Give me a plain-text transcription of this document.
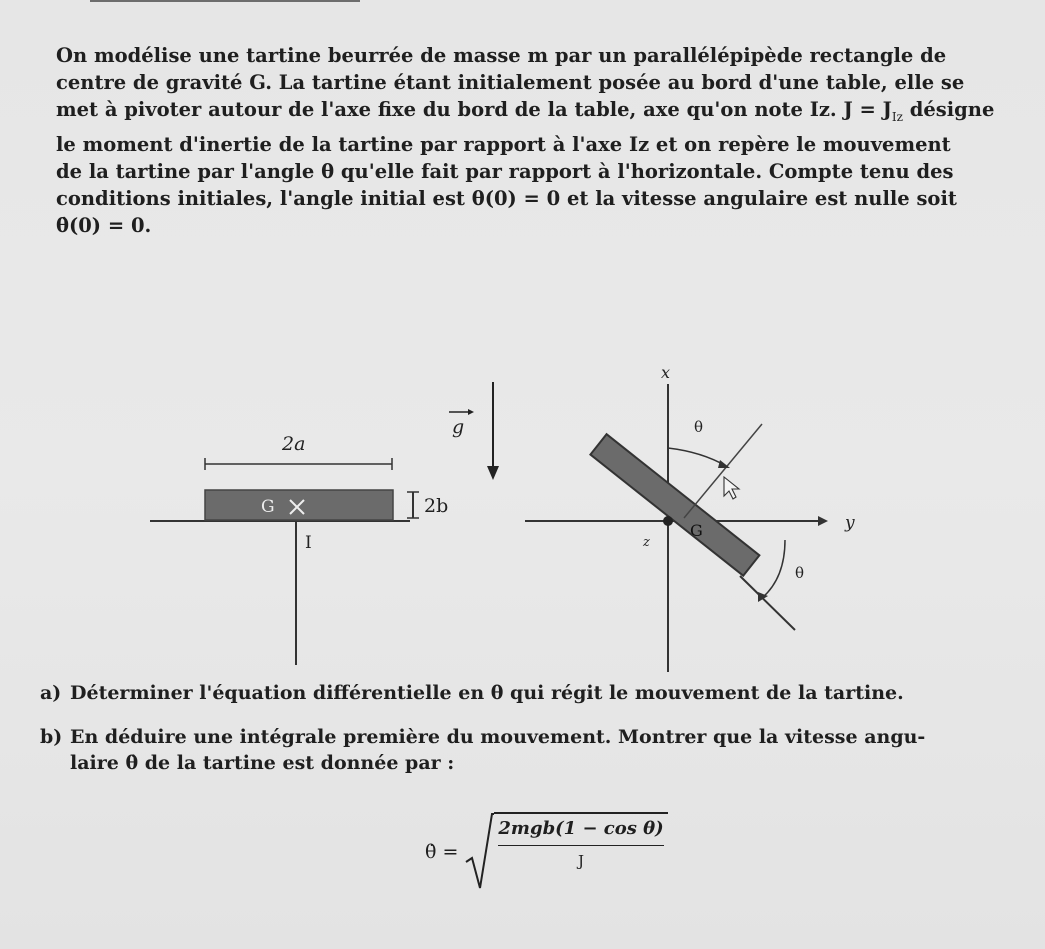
On modélise une tartine beurrée de masse m par un parallélépipède rectangle de
centre de gravité G. La tartine étant initialement posée au bord d'une table, elle se
met à pivoter autour de l'axe fixe du bord de la table, axe qu'on note Iz. $J = J_{Iz}$ désigne
le moment d'inertie de la tartine par rapport à l'axe Iz et on repère le mouvement
de la tartine par l'angle θ qu'elle fait par rapport à l'horizontale. Compte tenu des
conditions initiales, l'angle initial est θ(0) = 0 et la vitesse angulaire est nulle soit
θ̇(0) = 0.
2a
2b
G
I
g
x
y
z
G
θ
θ
a) Déterminer l'équation différentielle en θ qui régit le mouvement de la tartine.
b) En déduire une intégrale première du mouvement. Montrer que la vitesse angu-
laire θ̇ de la tartine est donnée par :
θ̇ = $\frac{\text{2mgb(1 − cos θ)}}{J}$
